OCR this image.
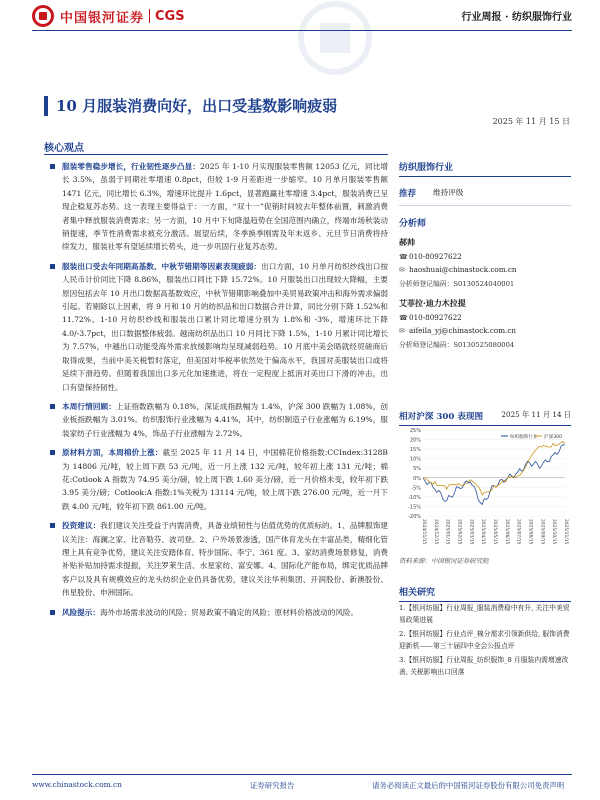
中国银河证券 CGS	行业周报 · 纺织服饰行业
10 月服装消费向好，出口受基数影响疲弱
2025 年 11 月 15 日
核心观点

服装零售稳步增长，行业韧性逐步凸显：2025 年 1-10 月实现服装零售额 12053 亿元，同比增长 3.5%，虽弱于同期社零增速 0.8pct，但较 1-9 月差距进一步缩窄。10 月单月服装零售额 1471 亿元，同比增长 6.3%，增速环比提升 1.6pct，显著跑赢社零增速 3.4pct，服装消费已呈现企稳复苏态势。这一表现主要得益于：一方面，“双十一”促销时间较去年整体前置，刺激消费者集中释放服装消费需求；另一方面，10 月中下旬降温趋势在全国范围内确立，终端市场秋装动销提速，季节性消费需求被充分激活。展望后续，冬季换季刚需及年末返乡、元旦节日消费将持续发力，服装社零有望延续增长势头，进一步巩固行业复苏态势。

服装出口受去年同期高基数、中秋节错期等因素表现疲弱：出口方面，10 月单月纺织纱线出口按人民币计价同比下降 8.86%，服装出口同比下降 15.72%。10 月服装出口出现较大降幅，主要原因包括去年 10 月出口数据高基数效应，中秋节错期影响叠加中美贸易政策冲击和海外需求偏弱引起。若剔除以上因素，将 9 月和 10 月的纺织品和出口数据合并计算，同比分别下降 1.52%和 11.72%。1-10 月纺织纱线和服装出口累计同比增速分别为 1.8%和 -3%，增速环比下降 4.0/-3.7pct，出口数据整体疲弱。越南纺织品出口 10 月同比下降 1.5%，1-10 月累计同比增长为 7.57%，中越出口动能受海外需求放缓影响均呈现减弱趋势。10 月底中美会晤就经贸磋商后取得成果，当前中美关税暂时落定，但美国对华税率依然处于偏高水平，我国对美服装出口或将延续下滑趋势。但随着我国出口多元化加速推进，将在一定程度上抵消对美出口下滑的冲击，出口有望保持韧性。

本周行情回顾：上证指数跌幅为 0.18%，深证成指跌幅为 1.4%，沪深 300 跌幅为 1.08%，创业板指跌幅为 3.01%。纺织服饰行业涨幅为 4.41%，其中，纺织制造子行业涨幅为 6.19%，服装家纺子行业涨幅为 4%，饰品子行业涨幅为 2.72%。

原材料方面，本周棉价上涨：截至 2025 年 11 月 14 日，中国棉花价格指数:CCIndex:3128B 为 14806 元/吨，较上周下跌 53 元/吨，近一月上涨 132 元/吨，较年初上涨 131 元/吨；棉花:Cotlook A 指数为 74.95 美分/磅，较上周下跌 1.60 美分/磅，近一月价格未变，较年初下跌 3.95 美分/磅；Cotlook:A 指数:1%关税为 13114 元/吨，较上周下跌 276.00 元/吨，近一月下跌 4.00 元/吨，较年初下跌 861.00 元/吨。

投资建议：我们建议关注受益于内需消费，具备业绩韧性与估值优势的优质标的。1、品牌服饰建议关注：海澜之家、比音勒芬、波司登。2、户外场景渗透，国产体育龙头在丰富品类，精细化管理上具有竞争优势，建议关注安踏体育、特步国际、李宁、361 度。3、家纺消费场景修复，消费补贴补贴加持需求提振，关注罗莱生活、水星家纺、富安娜。4、国际化产能布局，绑定优质品牌客户以及具有规模效应的龙头纺织企业仍具备优势，建议关注华利集团、开润股份、新澳股份、伟星股份、申洲国际。

风险提示：海外市场需求波动的风险；贸易政策不确定的风险；原材料价格波动的风险。

纺织服饰行业
推荐	维持评级
分析师
郝帅
☎ 010-80927622
✉ haoshuai@chinastock.com.cn
分析师登记编码：S0130524040001
艾菲拉·迪力木拉提
☎ 010-80927622
✉ aifeila_yj@chinastock.com.cn
分析师登记编码：S0130525080004
相对沪深 300 表现图	2025 年 11 月 14 日
25%
20%
15%
10%
5%
0%
-5%
-10%
-15%
-20%
2024/11/15 2024/12/15 2025/01/15 2025/02/15 2025/03/15 2025/04/15 2025/05/15 2025/06/15 2025/07/15 2025/08/15 2025/09/15 2025/10/15 2025/11/15
纺织服饰行业 沪深300
资料来源：中国银河证券研究院
相关研究
1.【银河纺服】行业周报_服装消费稳中有升, 关注中美贸易政策进展
2.【银河纺服】行业点评_棉分需求引领新供给, 服饰消费迎新机——第三十届四中全会公报点评
3.【银河纺服】行业周报_纺织服饰_8 月服装内需增速改善, 关税影响出口回落
www.chinastock.com.cn	证券研究报告	请务必阅读正文最后的中国银河证券股份有限公司免责声明
